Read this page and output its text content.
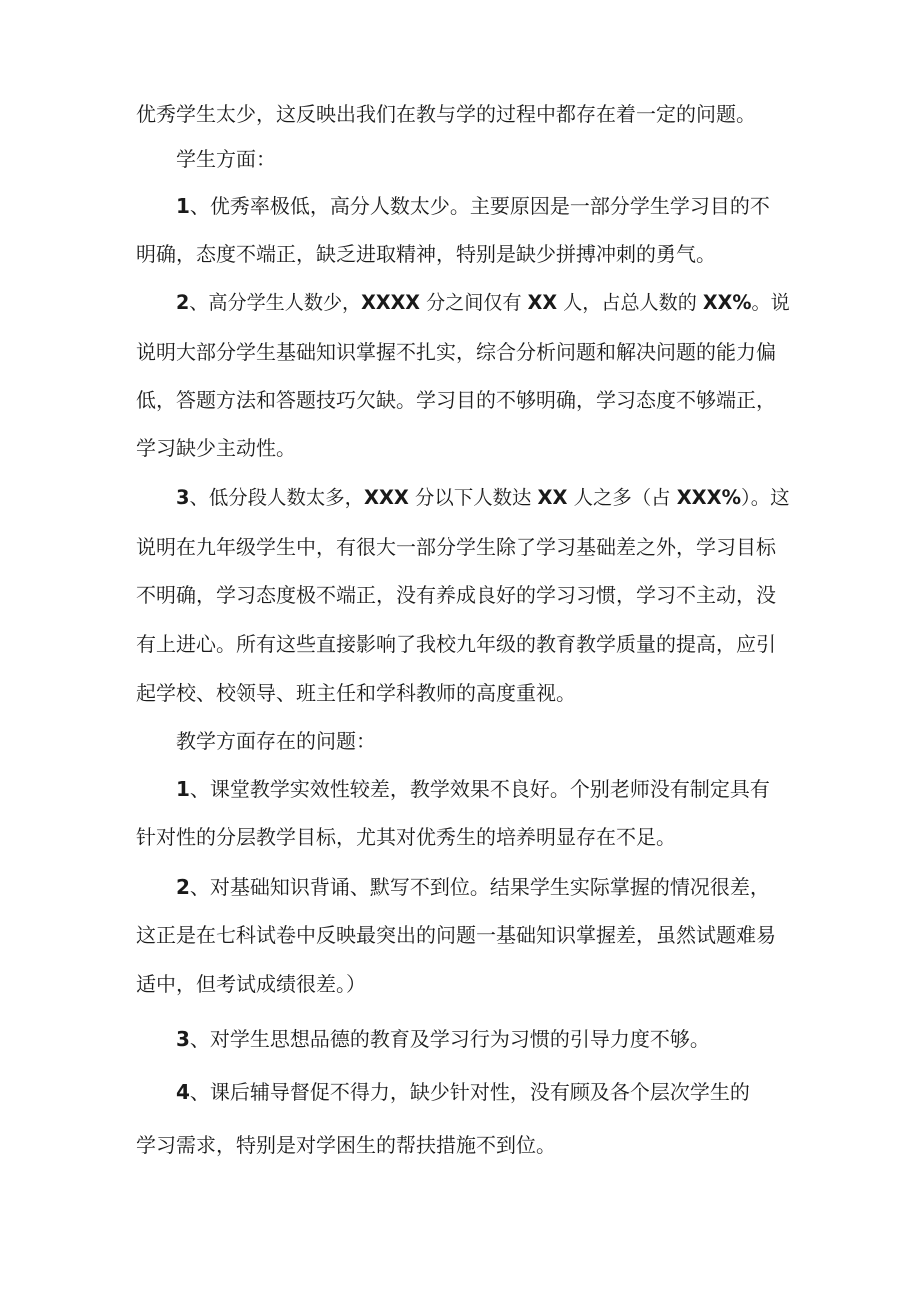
优秀学生太少，这反映出我们在教与学的过程中都存在着一定的问题。

学生方面：

1、优秀率极低，高分人数太少。主要原因是一部分学生学习目的不

明确，态度不端正，缺乏进取精神，特别是缺少拼搏冲刺的勇气。

2、高分学生人数少，XXXX 分之间仅有 XX 人，占总人数的 XX%。说

说明大部分学生基础知识掌握不扎实，综合分析问题和解决问题的能力偏

低，答题方法和答题技巧欠缺。学习目的不够明确，学习态度不够端正，

学习缺少主动性。

3、低分段人数太多，XXX 分以下人数达 XX 人之多（占 XXX%）。这

说明在九年级学生中，有很大一部分学生除了学习基础差之外，学习目标

不明确，学习态度极不端正，没有养成良好的学习习惯，学习不主动，没

有上进心。所有这些直接影响了我校九年级的教育教学质量的提高，应引

起学校、校领导、班主任和学科教师的高度重视。

教学方面存在的问题：

1、课堂教学实效性较差，教学效果不良好。个别老师没有制定具有

针对性的分层教学目标，尤其对优秀生的培养明显存在不足。

2、对基础知识背诵、默写不到位。结果学生实际掌握的情况很差，

这正是在七科试卷中反映最突出的问题一基础知识掌握差，虽然试题难易

适中，但考试成绩很差。）

3、对学生思想品德的教育及学习行为习惯的引导力度不够。

4、课后辅导督促不得力，缺少针对性，没有顾及各个层次学生的

学习需求，特别是对学困生的帮扶措施不到位。
